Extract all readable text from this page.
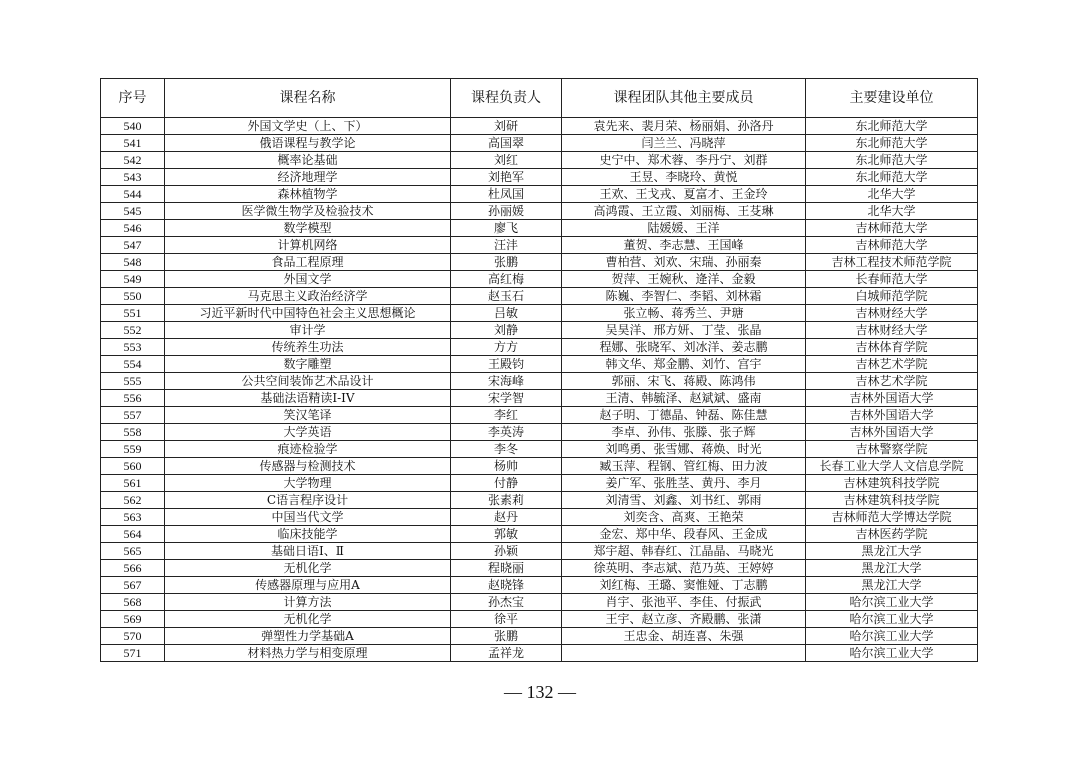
序号	课程名称	课程负责人	课程团队其他主要成员	主要建设单位
540	外国文学史（上、下）	刘研	袁先来、裴月荣、杨丽娟、孙洛丹	东北师范大学
541	俄语课程与教学论	高国翠	闫兰兰、冯晓萍	东北师范大学
542	概率论基础	刘红	史宁中、郑术蓉、李丹宁、刘群	东北师范大学
543	经济地理学	刘艳军	王昱、李晓玲、黄悦	东北师范大学
544	森林植物学	杜凤国	王欢、王戈戎、夏富才、王金玲	北华大学
545	医学微生物学及检验技术	孙丽媛	高鸿霞、王立霞、刘丽梅、王芟琳	北华大学
546	数学模型	廖飞	陆媛媛、王洋	吉林师范大学
547	计算机网络	汪沣	董贺、李志慧、王国峰	吉林师范大学
548	食品工程原理	张鹏	曹柏营、刘欢、宋瑞、孙丽秦	吉林工程技术师范学院
549	外国文学	高红梅	贺萍、王婉秋、逄洋、金毅	长春师范大学
550	马克思主义政治经济学	赵玉石	陈巍、李智仁、李韬、刘林霜	白城师范学院
551	习近平新时代中国特色社会主义思想概论	吕敏	张立畅、蒋秀兰、尹瑭	吉林财经大学
552	审计学	刘静	吴昊洋、邢方妍、丁莹、张晶	吉林财经大学
553	传统养生功法	方方	程娜、张晓军、刘冰洋、姜志鹏	吉林体育学院
554	数字雕塑	王殿钧	韩文华、郑金鹏、刘竹、宫宇	吉林艺术学院
555	公共空间装饰艺术品设计	宋海峰	郭丽、宋飞、蒋殿、陈鸿伟	吉林艺术学院
556	基础法语精读I-IV	宋学智	王清、韩毓泽、赵斌斌、盛南	吉林外国语大学
557	笑汉笔译	李红	赵子明、丁德晶、钟磊、陈佳慧	吉林外国语大学
558	大学英语	李英涛	李卓、孙伟、张滕、张子辉	吉林外国语大学
559	痕迹检验学	李冬	刘鸣勇、张雪娜、蒋焕、时光	吉林警察学院
560	传感器与检测技术	杨帅	臧玉萍、程钢、管红梅、田力波	长春工业大学人文信息学院
561	大学物理	付静	姜广军、张胜茎、黄丹、李月	吉林建筑科技学院
562	C语言程序设计	张素莉	刘清雪、刘鑫、刘书红、郭雨	吉林建筑科技学院
563	中国当代文学	赵丹	刘奕含、高爽、王艳荣	吉林师范大学博达学院
564	临床技能学	郭敏	金宏、郑中华、段春风、王金成	吉林医药学院
565	基础日语Ⅰ、Ⅱ	孙颖	郑宇超、韩春红、江晶晶、马晓光	黑龙江大学
566	无机化学	程晓丽	徐英明、李志斌、范乃英、王婷婷	黑龙江大学
567	传感器原理与应用A	赵晓锋	刘红梅、王璐、窦惟娅、丁志鹏	黑龙江大学
568	计算方法	孙杰宝	肖宇、张池平、李佳、付振武	哈尔滨工业大学
569	无机化学	徐平	王宇、赵立彦、齐殿鹏、张潇	哈尔滨工业大学
570	弹塑性力学基础A	张鹏	王忠金、胡连喜、朱强	哈尔滨工业大学
571	材料热力学与相变原理	孟祥龙		哈尔滨工业大学
— 132 —
